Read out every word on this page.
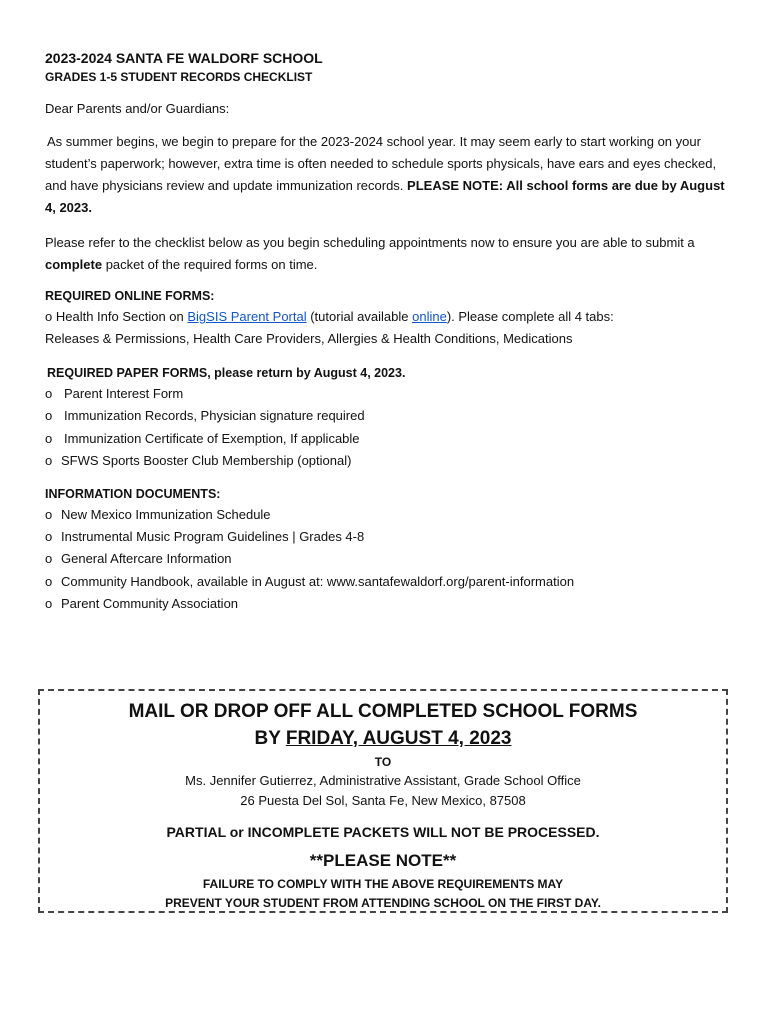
2023-2024 SANTA FE WALDORF SCHOOL
GRADES 1-5 STUDENT RECORDS CHECKLIST
Dear Parents and/or Guardians:

As summer begins, we begin to prepare for the 2023-2024 school year. It may seem early to start working on your student’s paperwork; however, extra time is often needed to schedule sports physicals, have ears and eyes checked, and have physicians review and update immunization records. PLEASE NOTE: All school forms are due by August 4, 2023.

Please refer to the checklist below as you begin scheduling appointments now to ensure you are able to submit a complete packet of the required forms on time.

REQUIRED ONLINE FORMS:
o Health Info Section on BigSIS Parent Portal (tutorial available online). Please complete all 4 tabs:
Releases & Permissions, Health Care Providers, Allergies & Health Conditions, Medications
REQUIRED PAPER FORMS, please return by August 4, 2023.
o Parent Interest Form
o Immunization Records, Physician signature required
o Immunization Certificate of Exemption, If applicable
o SFWS Sports Booster Club Membership (optional)
INFORMATION DOCUMENTS:
o New Mexico Immunization Schedule
o Instrumental Music Program Guidelines | Grades 4-8
o General Aftercare Information
o Community Handbook, available in August at: www.santafewaldorf.org/parent-information
o Parent Community Association
MAIL OR DROP OFF ALL COMPLETED SCHOOL FORMS
BY FRIDAY, AUGUST 4, 2023
TO
Ms. Jennifer Gutierrez, Administrative Assistant, Grade School Office
26 Puesta Del Sol, Santa Fe, New Mexico, 87508
PARTIAL or INCOMPLETE PACKETS WILL NOT BE PROCESSED.
**PLEASE NOTE**
FAILURE TO COMPLY WITH THE ABOVE REQUIREMENTS MAY
PREVENT YOUR STUDENT FROM ATTENDING SCHOOL ON THE FIRST DAY.
